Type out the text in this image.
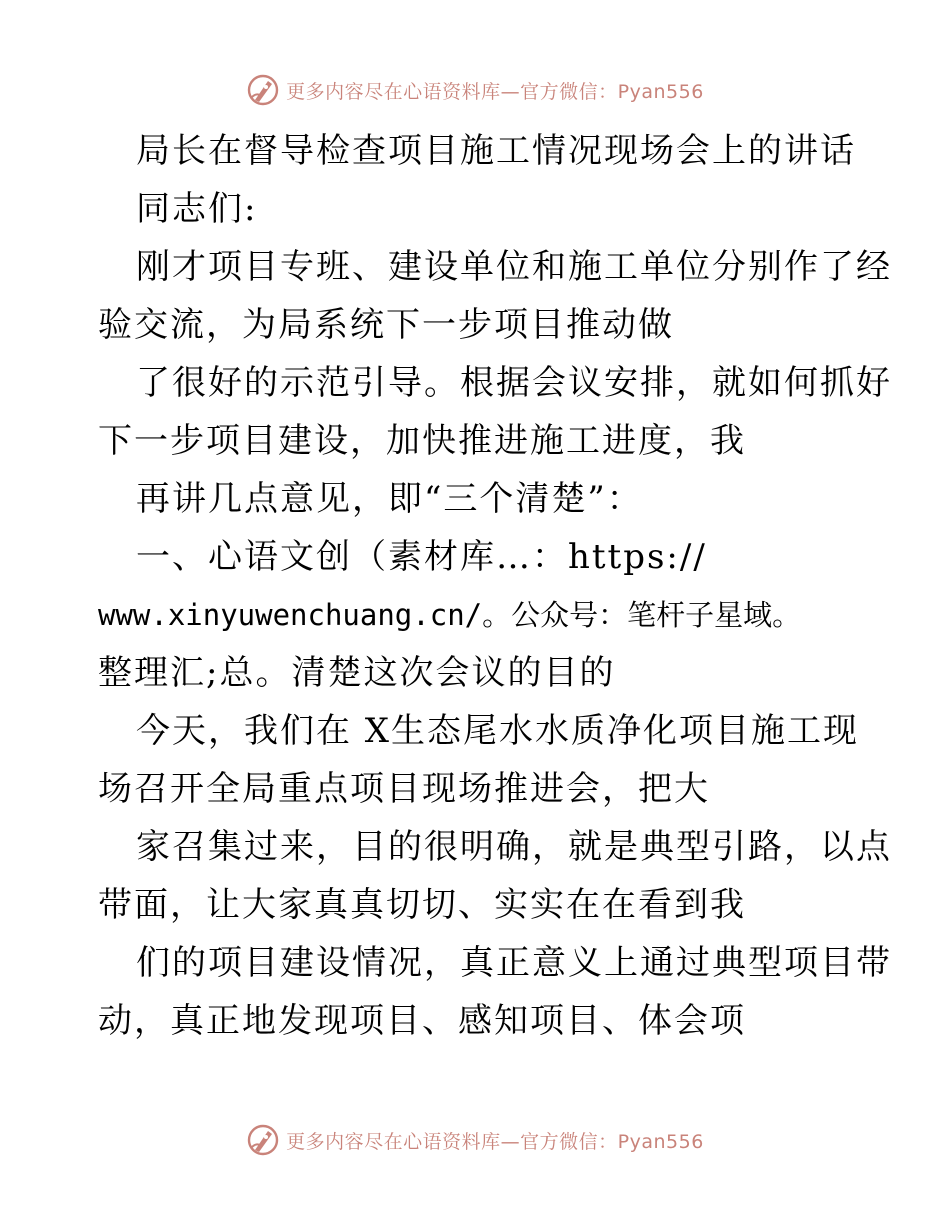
更多内容尽在心语资料库—官方微信：Pyan556
局长在督导检查项目施工情况现场会上的讲话
同志们:
刚才项目专班、建设单位和施工单位分别作了经
验交流，为局系统下一步项目推动做
了很好的示范引导。根据会议安排，就如何抓好
下一步项目建设，加快推进施工进度，我
再讲几点意见，即“三个清楚”：
一、心语文创（素材库…：https://
www.xinyuwenchuang.cn/。公众号：笔杆子星域。
整理汇;总。清楚这次会议的目的
今天，我们在 X生态尾水水质净化项目施工现
场召开全局重点项目现场推进会，把大
家召集过来，目的很明确，就是典型引路，以点
带面，让大家真真切切、实实在在看到我
们的项目建设情况，真正意义上通过典型项目带
动，真正地发现项目、感知项目、体会项
更多内容尽在心语资料库—官方微信：Pyan556
